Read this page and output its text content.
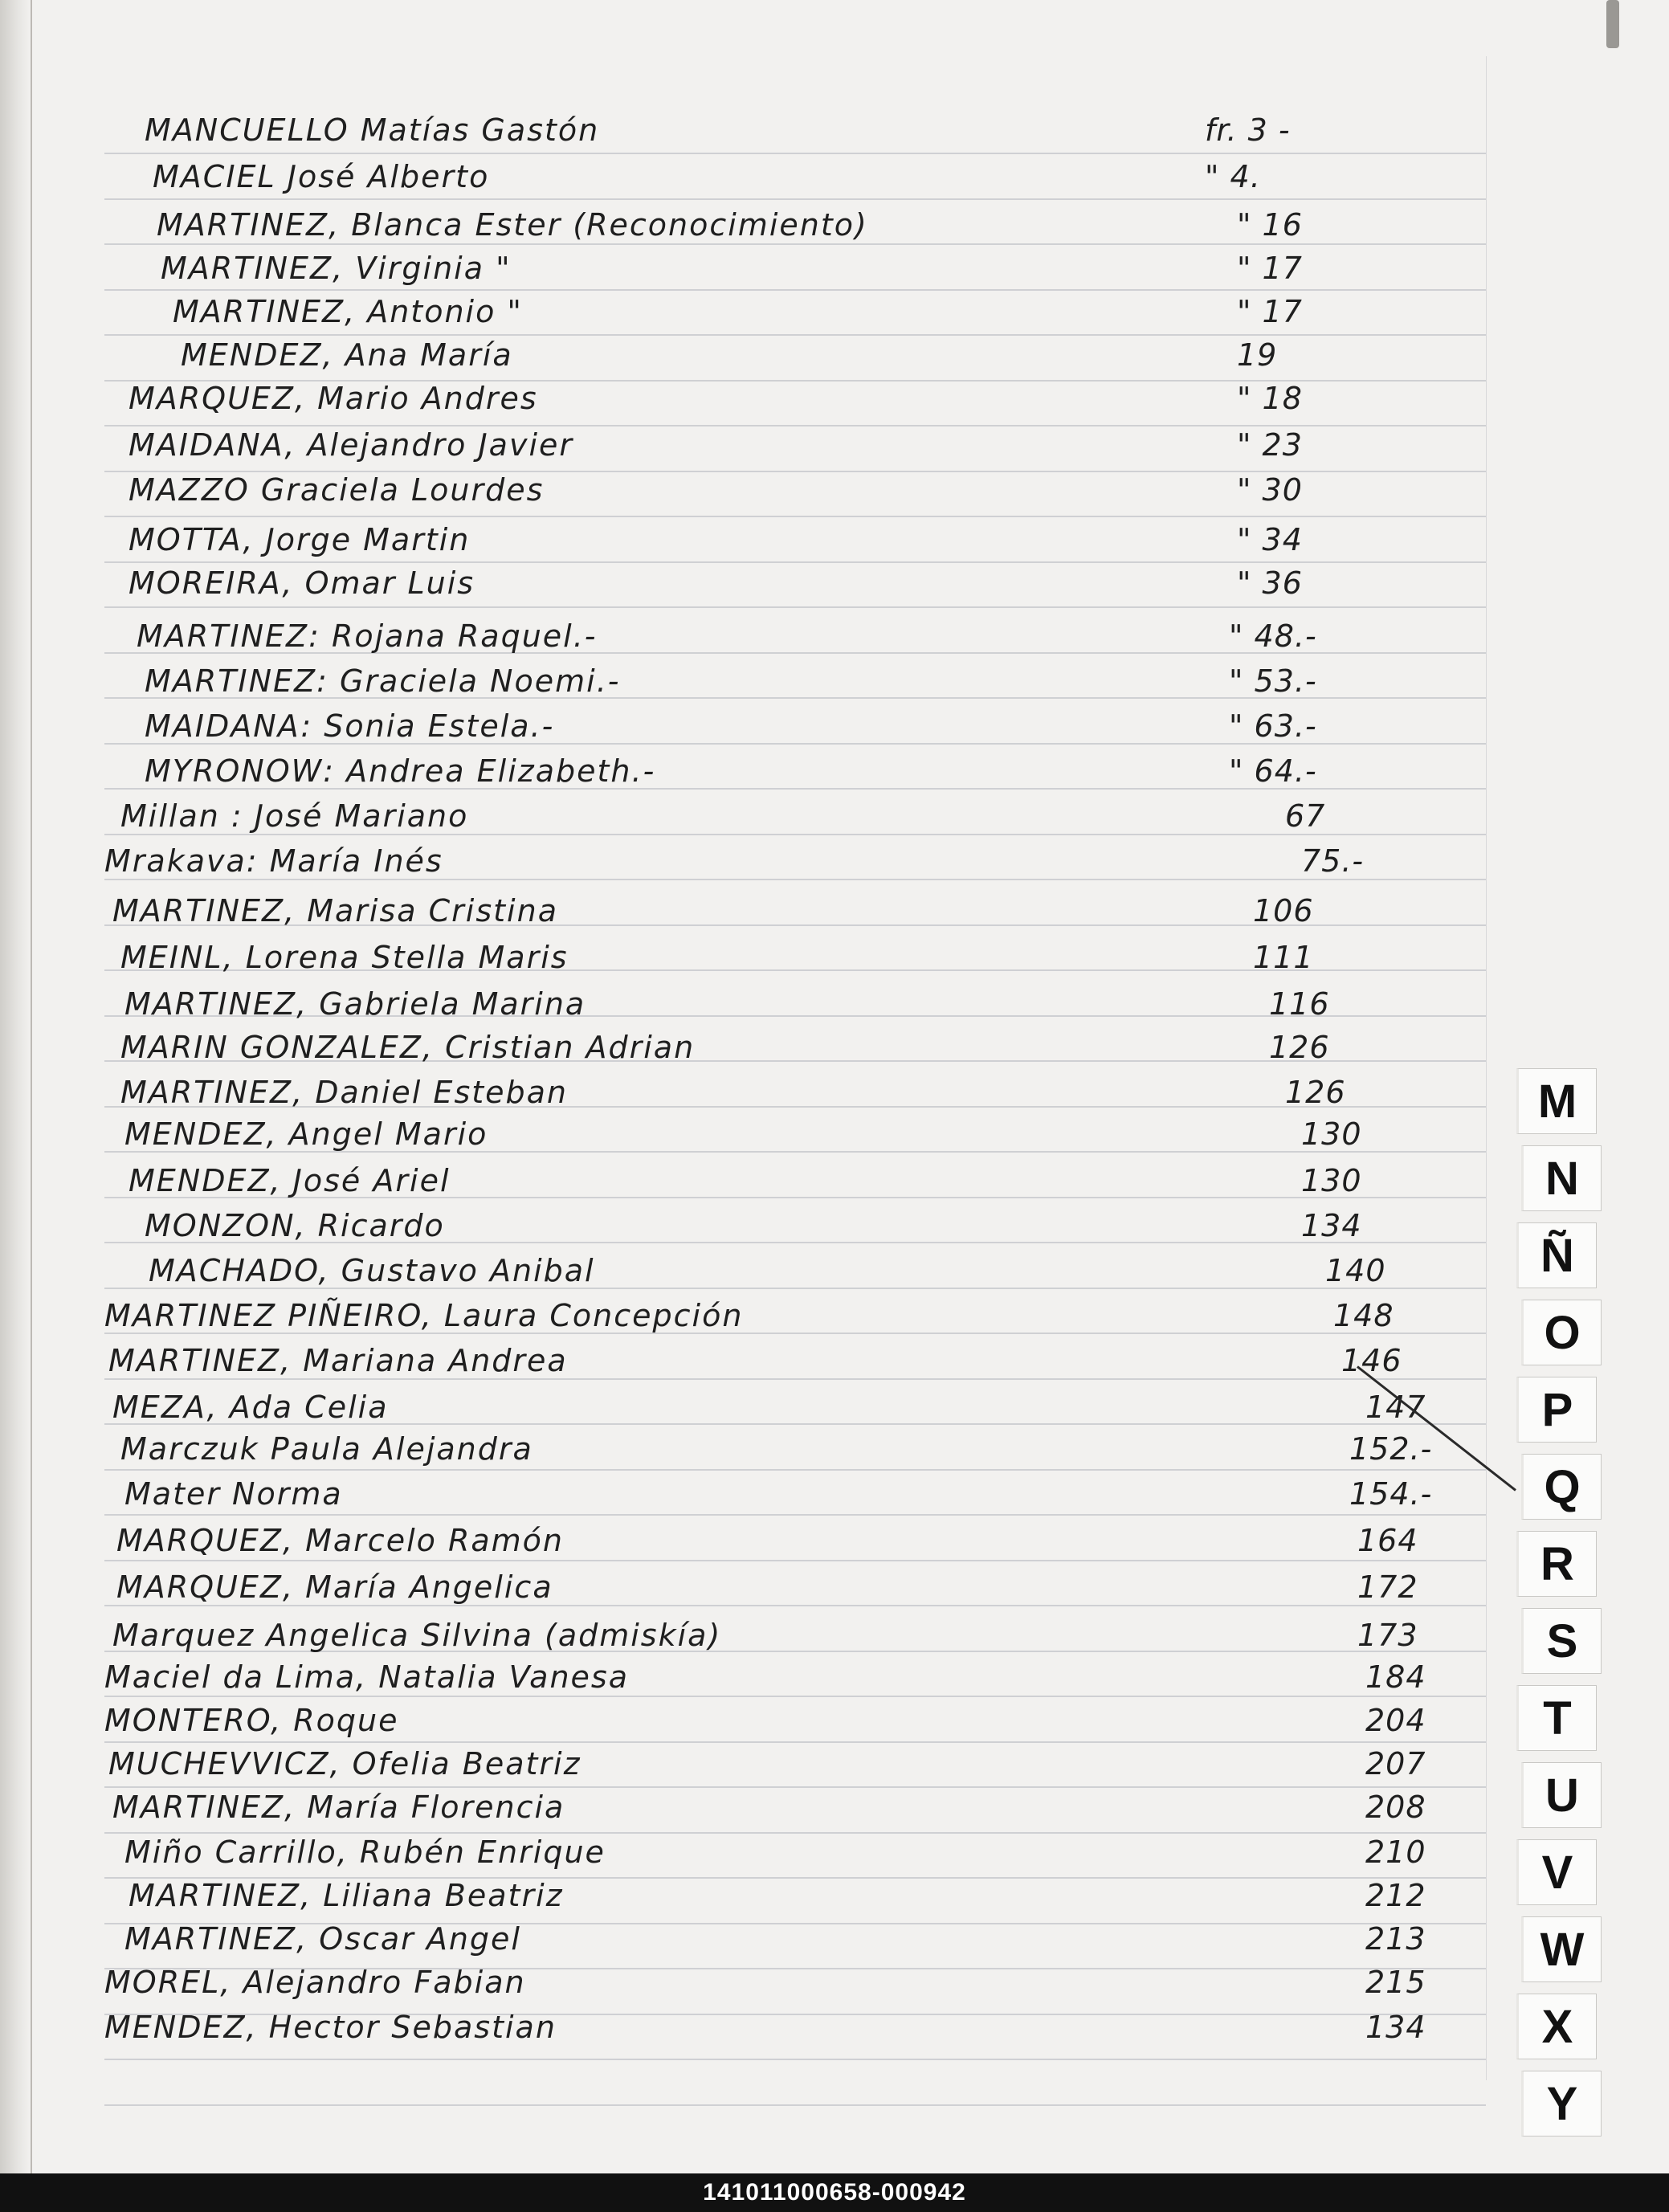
MANCUELLO Matías Gastón	fr. 3 -
MACIEL José Alberto	" 4.
MARTINEZ, Blanca Ester (Reconocimiento)	" 16
MARTINEZ, Virginia "	" 17
MARTINEZ, Antonio "	" 17
MENDEZ, Ana María	19
MARQUEZ, Mario Andres	" 18
MAIDANA, Alejandro Javier	" 23
MAZZO Graciela Lourdes	" 30
MOTTA, Jorge Martin	" 34
MOREIRA, Omar Luis	" 36
MARTINEZ: Rojana Raquel.-	" 48.-
MARTINEZ: Graciela Noemi.-	" 53.-
MAIDANA: Sonia Estela.-	" 63.-
MYRONOW: Andrea Elizabeth.-	" 64.-
Millan : José Mariano	67
Mrakava: María Inés	75.-
MARTINEZ, Marisa Cristina	106
MEINL, Lorena Stella Maris	111
MARTINEZ, Gabriela Marina	116
MARIN GONZALEZ, Cristian Adrian	126
MARTINEZ, Daniel Esteban	126
MENDEZ, Angel Mario	130
MENDEZ, José Ariel	130
MONZON, Ricardo	134
MACHADO, Gustavo Anibal	140
MARTINEZ PIÑEIRO, Laura Concepción	148
MARTINEZ, Mariana Andrea	146
MEZA, Ada Celia	147
Marczuk Paula Alejandra	152.-
Mater Norma	154.-
MARQUEZ, Marcelo Ramón	164
MARQUEZ, María Angelica	172
Marquez Angelica Silvina (admiskía)	173
Maciel da Lima, Natalia Vanesa	184
MONTERO, Roque	204
MUCHEVVICZ, Ofelia Beatriz	207
MARTINEZ, María Florencia	208
Miño Carrillo, Rubén Enrique	210
MARTINEZ, Liliana Beatriz	212
MARTINEZ, Oscar Angel	213
MOREL, Alejandro Fabian	215
MENDEZ, Hector Sebastian	134
M
N
Ñ
O
P
Q
R
S
T
U
V
W
X
Y
141011000658-000942
